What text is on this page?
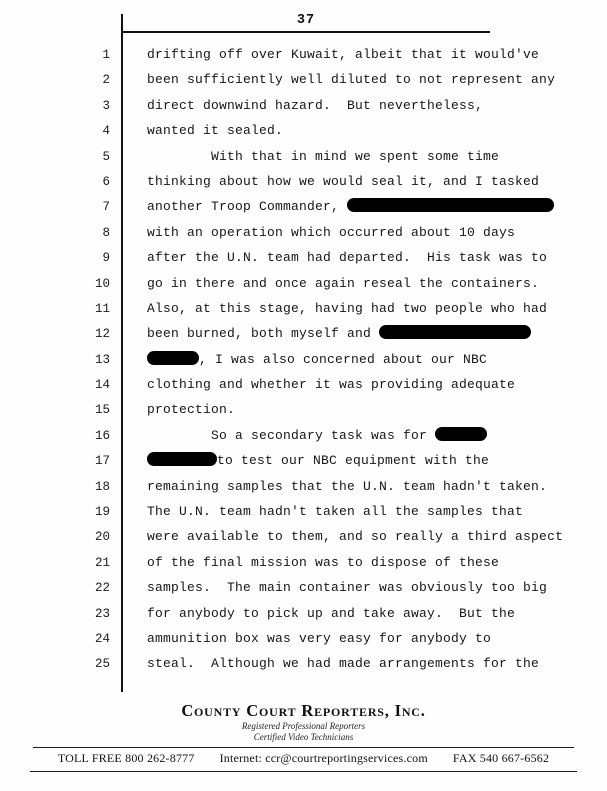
37
1	drifting off over Kuwait, albeit that it would've
2	been sufficiently well diluted to not represent any
3	direct downwind hazard.  But nevertheless,
4	wanted it sealed.
5	With that in mind we spent some time
6	thinking about how we would seal it, and I tasked
7	another Troop Commander,
8	with an operation which occurred about 10 days
9	after the U.N. team had departed.  His task was to
10	go in there and once again reseal the containers.
11	Also, at this stage, having had two people who had
12	been burned, both myself and
13	, I was also concerned about our NBC
14	clothing and whether it was providing adequate
15	protection.
16	So a secondary task was for
17	to test our NBC equipment with the
18	remaining samples that the U.N. team hadn't taken.
19	The U.N. team hadn't taken all the samples that
20	were available to them, and so really a third aspect
21	of the final mission was to dispose of these
22	samples.  The main container was obviously too big
23	for anybody to pick up and take away.  But the
24	ammunition box was very easy for anybody to
25	steal.  Although we had made arrangements for the
County Court Reporters, Inc.
Registered Professional Reporters
Certified Video Technicians
TOLL FREE 800 262-8777 Internet: ccr@courtreportingservices.com FAX 540 667-6562
